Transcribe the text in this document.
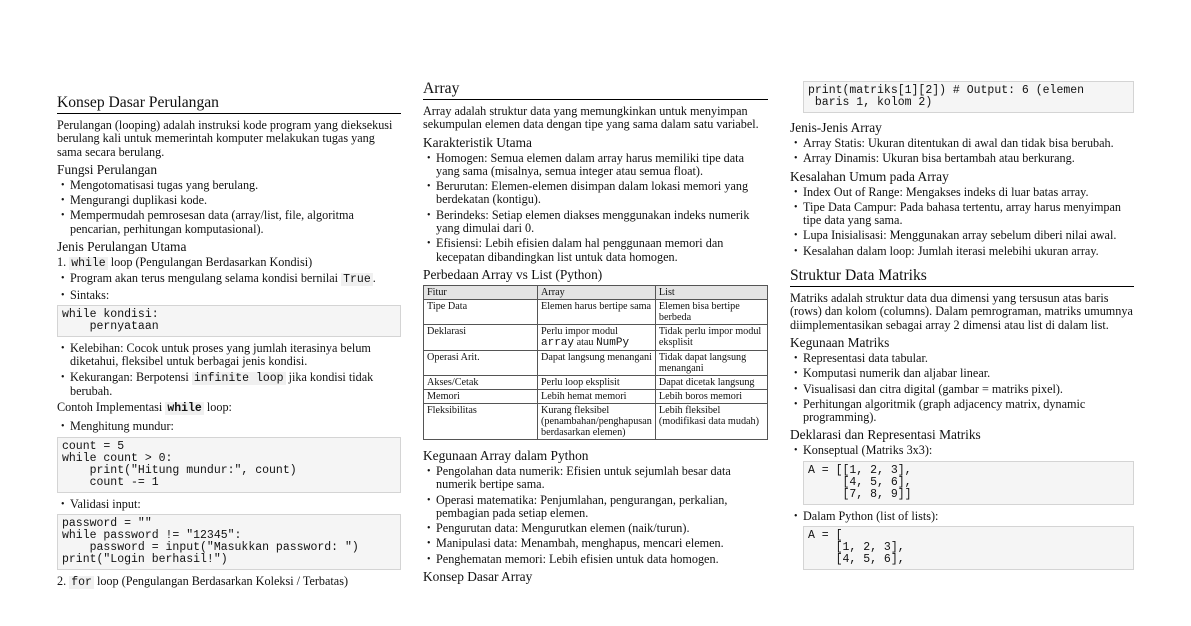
Konsep Dasar Perulangan

Perulangan (looping) adalah instruksi kode program yang dieksekusi berulang kali untuk memerintah komputer melakukan tugas yang sama secara berulang.

Fungsi Perulangan
• Mengotomatisasi tugas yang berulang.
• Mengurangi duplikasi kode.
• Mempermudah pemrosesan data (array/list, file, algoritma pencarian, perhitungan komputasional).
Jenis Perulangan Utama
1. while loop (Pengulangan Berdasarkan Kondisi)
• Program akan terus mengulang selama kondisi bernilai True .
• Sintaks:
while kondisi:
pernyataan
• Kelebihan: Cocok untuk proses yang jumlah iterasinya belum diketahui, fleksibel untuk berbagai jenis kondisi.
• Kekurangan: Berpotensi infinite loop jika kondisi tidak berubah.

Contoh Implementasi while loop:

• Menghitung mundur:
count = 5
while count > 0:
print("Hitung mundur:", count)
count -= 1
• Validasi input:
password = ""
while password != "12345":
password = input("Masukkan password: ")
print("Login berhasil!")
2. for loop (Pengulangan Berdasarkan Koleksi / Terbatas)
Array

Array adalah struktur data yang memungkinkan untuk menyimpan sekumpulan elemen data dengan tipe yang sama dalam satu variabel.

Karakteristik Utama
• Homogen: Semua elemen dalam array harus memiliki tipe data yang sama (misalnya, semua integer atau semua float).
• Berurutan: Elemen-elemen disimpan dalam lokasi memori yang berdekatan (kontigu).
• Berindeks: Setiap elemen diakses menggunakan indeks numerik yang dimulai dari 0.
• Efisiensi: Lebih efisien dalam hal penggunaan memori dan kecepatan dibandingkan list untuk data homogen.
Perbedaan Array vs List (Python)
Fitur	Array	List
Tipe Data	Elemen harus bertipe sama	Elemen bisa bertipe berbeda
Deklarasi	Perlu impor modul array atau NumPy	Tidak perlu impor modul eksplisit
Operasi Arit.	Dapat langsung menangani	Tidak dapat langsung menangani
Akses/Cetak	Perlu loop eksplisit	Dapat dicetak langsung
Memori	Lebih hemat memori	Lebih boros memori
Fleksibilitas	Kurang fleksibel (penambahan/penghapusan berdasarkan elemen)	Lebih fleksibel (modifikasi data mudah)
Kegunaan Array dalam Python
• Pengolahan data numerik: Efisien untuk sejumlah besar data numerik bertipe sama.
• Operasi matematika: Penjumlahan, pengurangan, perkalian, pembagian pada setiap elemen.
• Pengurutan data: Mengurutkan elemen (naik/turun).
• Manipulasi data: Menambah, menghapus, mencari elemen.
• Penghematan memori: Lebih efisien untuk data homogen.
Konsep Dasar Array
print(matriks[1][2]) # Output: 6 (elemen
baris 1, kolom 2)
Jenis-Jenis Array
• Array Statis: Ukuran ditentukan di awal dan tidak bisa berubah.
• Array Dinamis: Ukuran bisa bertambah atau berkurang.
Kesalahan Umum pada Array
• Index Out of Range: Mengakses indeks di luar batas array.
• Tipe Data Campur: Pada bahasa tertentu, array harus menyimpan tipe data yang sama.
• Lupa Inisialisasi: Menggunakan array sebelum diberi nilai awal.
• Kesalahan dalam loop: Jumlah iterasi melebihi ukuran array.
Struktur Data Matriks

Matriks adalah struktur data dua dimensi yang tersusun atas baris (rows) dan kolom (columns). Dalam pemrograman, matriks umumnya diimplementasikan sebagai array 2 dimensi atau list di dalam list.

Kegunaan Matriks
• Representasi data tabular.
• Komputasi numerik dan aljabar linear.
• Visualisasi dan citra digital (gambar = matriks pixel).
• Perhitungan algoritmik (graph adjacency matrix, dynamic programming).
Deklarasi dan Representasi Matriks
• Konseptual (Matriks 3x3):
A = [[1, 2, 3],
[4, 5, 6],
[7, 8, 9]]
• Dalam Python (list of lists):
A = [
[1, 2, 3],
[4, 5, 6],
